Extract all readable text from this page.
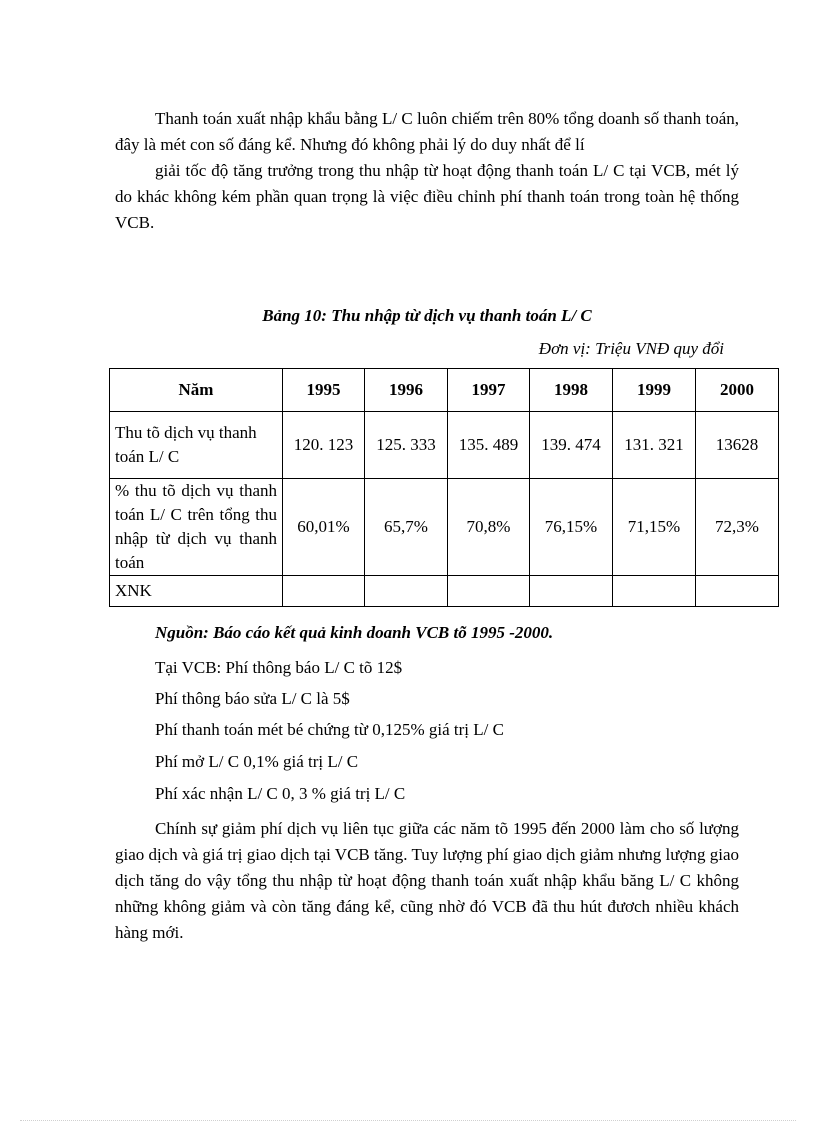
Thanh toán xuất nhập khẩu bằng L/ C luôn chiếm trên 80% tổng doanh số thanh toán, đây là mét con số đáng kể. Nhưng đó không phải lý do duy nhất để lí

giải tốc độ tăng trưởng trong thu nhập từ hoạt động thanh toán L/ C tại VCB, mét lý do khác không kém phần quan trọng là việc điều chỉnh phí thanh toán trong toàn hệ thống VCB.

Bảng 10: Thu nhập từ dịch vụ thanh toán L/ C
Đơn vị: Triệu VNĐ quy đổi
Năm	1995	1996	1997	1998	1999	2000
Thu tõ dịch vụ thanh toán L/ C	120. 123	125. 333	135. 489	139. 474	131. 321	13628
% thu tõ dịch vụ thanh toán L/ C trên tổng thu nhập từ dịch vụ thanh toán	60,01%	65,7%	70,8%	76,15%	71,15%	72,3%
XNK						
Nguồn: Báo cáo kết quả kinh doanh VCB tõ 1995 -2000.
Tại VCB: Phí thông báo L/ C tõ 12$
Phí thông báo sửa L/ C là 5$
Phí thanh toán mét bé chứng từ 0,125% giá trị L/ C
Phí mở L/ C 0,1% giá trị L/ C
Phí xác nhận L/ C 0, 3 % giá trị L/ C

Chính sự giảm phí dịch vụ liên tục giữa các năm tõ 1995 đến 2000 làm cho số lượng giao dịch và giá trị giao dịch tại VCB tăng. Tuy lượng phí giao dịch giảm nhưng lượng giao dịch tăng do vậy tổng thu nhập từ hoạt động thanh toán xuất nhập khẩu băng L/ C không những không giảm và còn tăng đáng kể, cũng nhờ đó VCB đã thu hút đươch nhiều khách hàng mới.
